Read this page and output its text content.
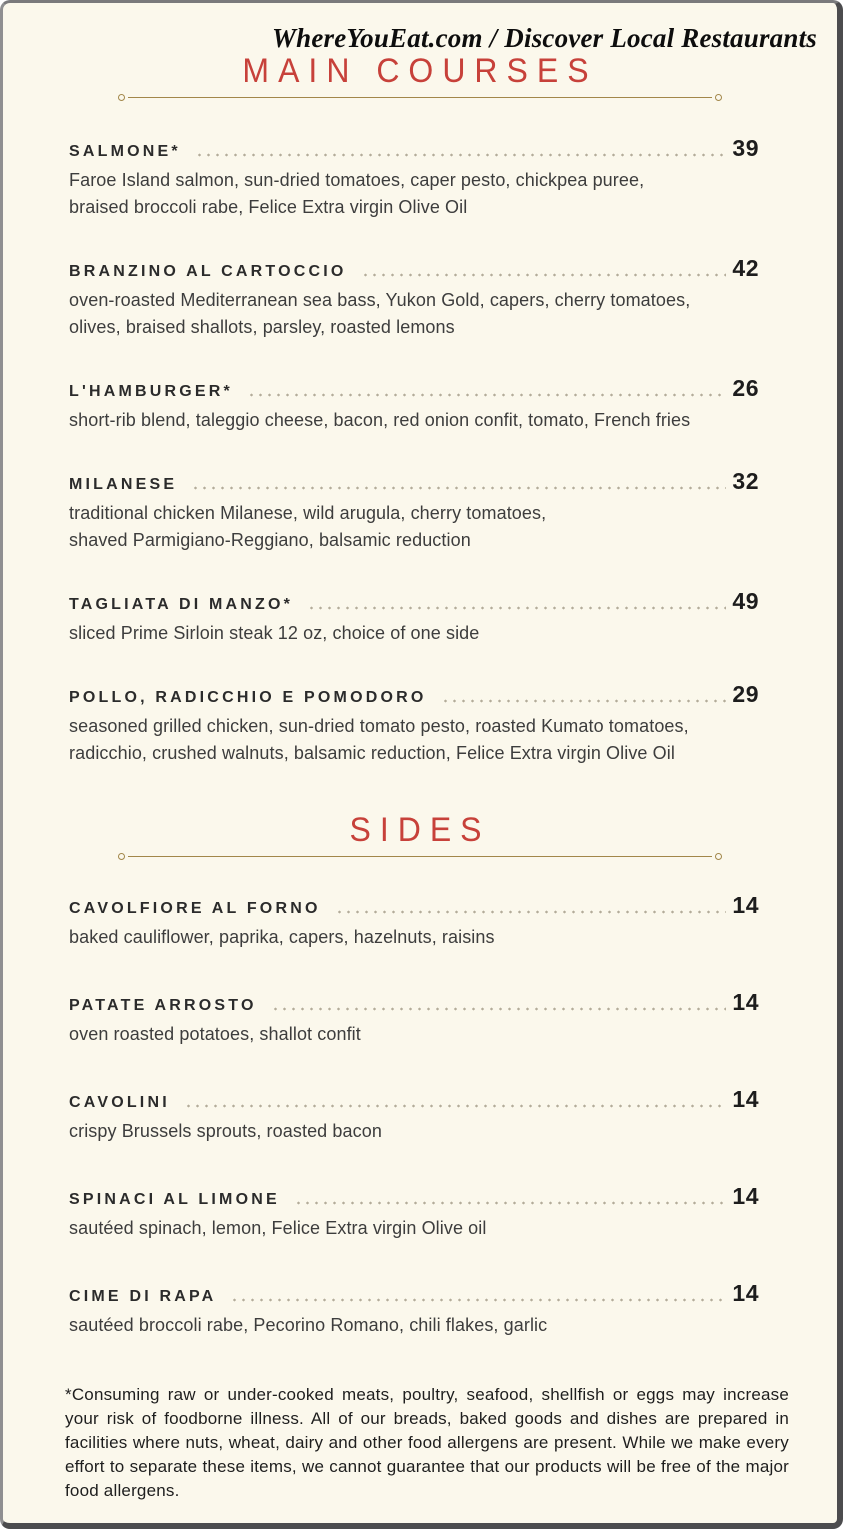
WhereYouEat.com / Discover Local Restaurants
MAIN COURSES
SALMONE*	39
Faroe Island salmon, sun-dried tomatoes, caper pesto, chickpea puree,
braised broccoli rabe, Felice Extra virgin Olive Oil
BRANZINO AL CARTOCCIO	42
oven-roasted Mediterranean sea bass, Yukon Gold, capers, cherry tomatoes,
olives, braised shallots, parsley, roasted lemons
L'HAMBURGER*	26
short-rib blend, taleggio cheese, bacon, red onion confit, tomato, French fries
MILANESE	32
traditional chicken Milanese, wild arugula, cherry tomatoes,
shaved Parmigiano-Reggiano, balsamic reduction
TAGLIATA DI MANZO*	49
sliced Prime Sirloin steak 12 oz, choice of one side
POLLO, RADICCHIO E POMODORO	29
seasoned grilled chicken, sun-dried tomato pesto, roasted Kumato tomatoes,
radicchio, crushed walnuts, balsamic reduction, Felice Extra virgin Olive Oil
SIDES
CAVOLFIORE AL FORNO	14
baked cauliflower, paprika, capers, hazelnuts, raisins
PATATE ARROSTO	14
oven roasted potatoes, shallot confit
CAVOLINI	14
crispy Brussels sprouts, roasted bacon
SPINACI AL LIMONE	14
sautéed spinach, lemon, Felice Extra virgin Olive oil
CIME DI RAPA	14
sautéed broccoli rabe, Pecorino Romano, chili flakes, garlic
*Consuming raw or under-cooked meats, poultry, seafood, shellfish or eggs may increase your risk of foodborne illness. All of our breads, baked goods and dishes are prepared in facilities where nuts, wheat, dairy and other food allergens are present. While we make every effort to separate these items, we cannot guarantee that our products will be free of the major food allergens.
